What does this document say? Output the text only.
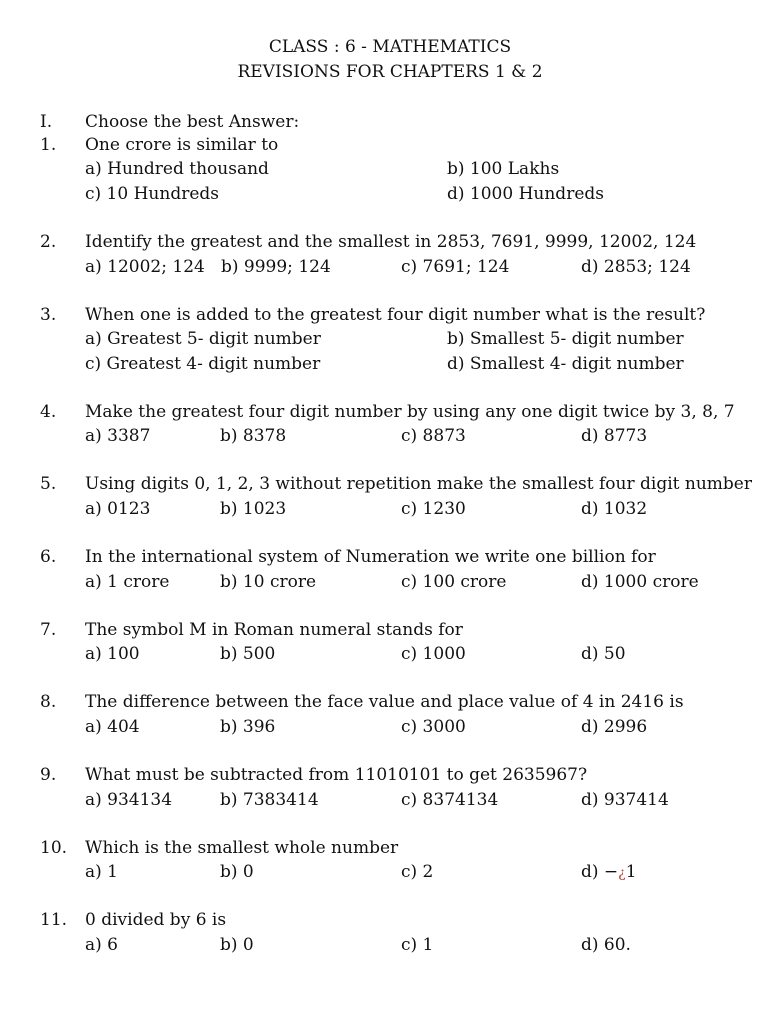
CLASS : 6 - MATHEMATICS
REVISIONS FOR CHAPTERS 1 & 2
I. Choose the best Answer:
1. One crore is similar to
a) Hundred thousand	b) 100 Lakhs
c) 10 Hundreds	d) 1000 Hundreds
2. Identify the greatest and the smallest in 2853, 7691, 9999, 12002, 124
a) 12002; 124 b) 9999; 124	c) 7691; 124	d) 2853; 124
3. When one is added to the greatest four digit number what is the result?
a) Greatest 5- digit number	b) Smallest 5- digit number
c) Greatest 4- digit number	d) Smallest 4- digit number
4. Make the greatest four digit number by using any one digit twice by 3, 8, 7
a) 3387	b) 8378	c) 8873	d) 8773
5. Using digits 0, 1, 2, 3 without repetition make the smallest four digit number
a) 0123	b) 1023	c) 1230	d) 1032
6. In the international system of Numeration we write one billion for
a) 1 crore	b) 10 crore	c) 100 crore	d) 1000 crore
7. The symbol M in Roman numeral stands for
a) 100	b) 500	c) 1000	d) 50
8. The difference between the face value and place value of 4 in 2416 is
a) 404	b) 396	c) 3000	d) 2996
9. What must be subtracted from 11010101 to get 2635967?
a) 934134	b) 7383414	c) 8374134	d) 937414
10. Which is the smallest whole number
a) 1	b) 0	c) 2	d) −¿1
11. 0 divided by 6 is
a) 6	b) 0	c) 1	d) 60.
